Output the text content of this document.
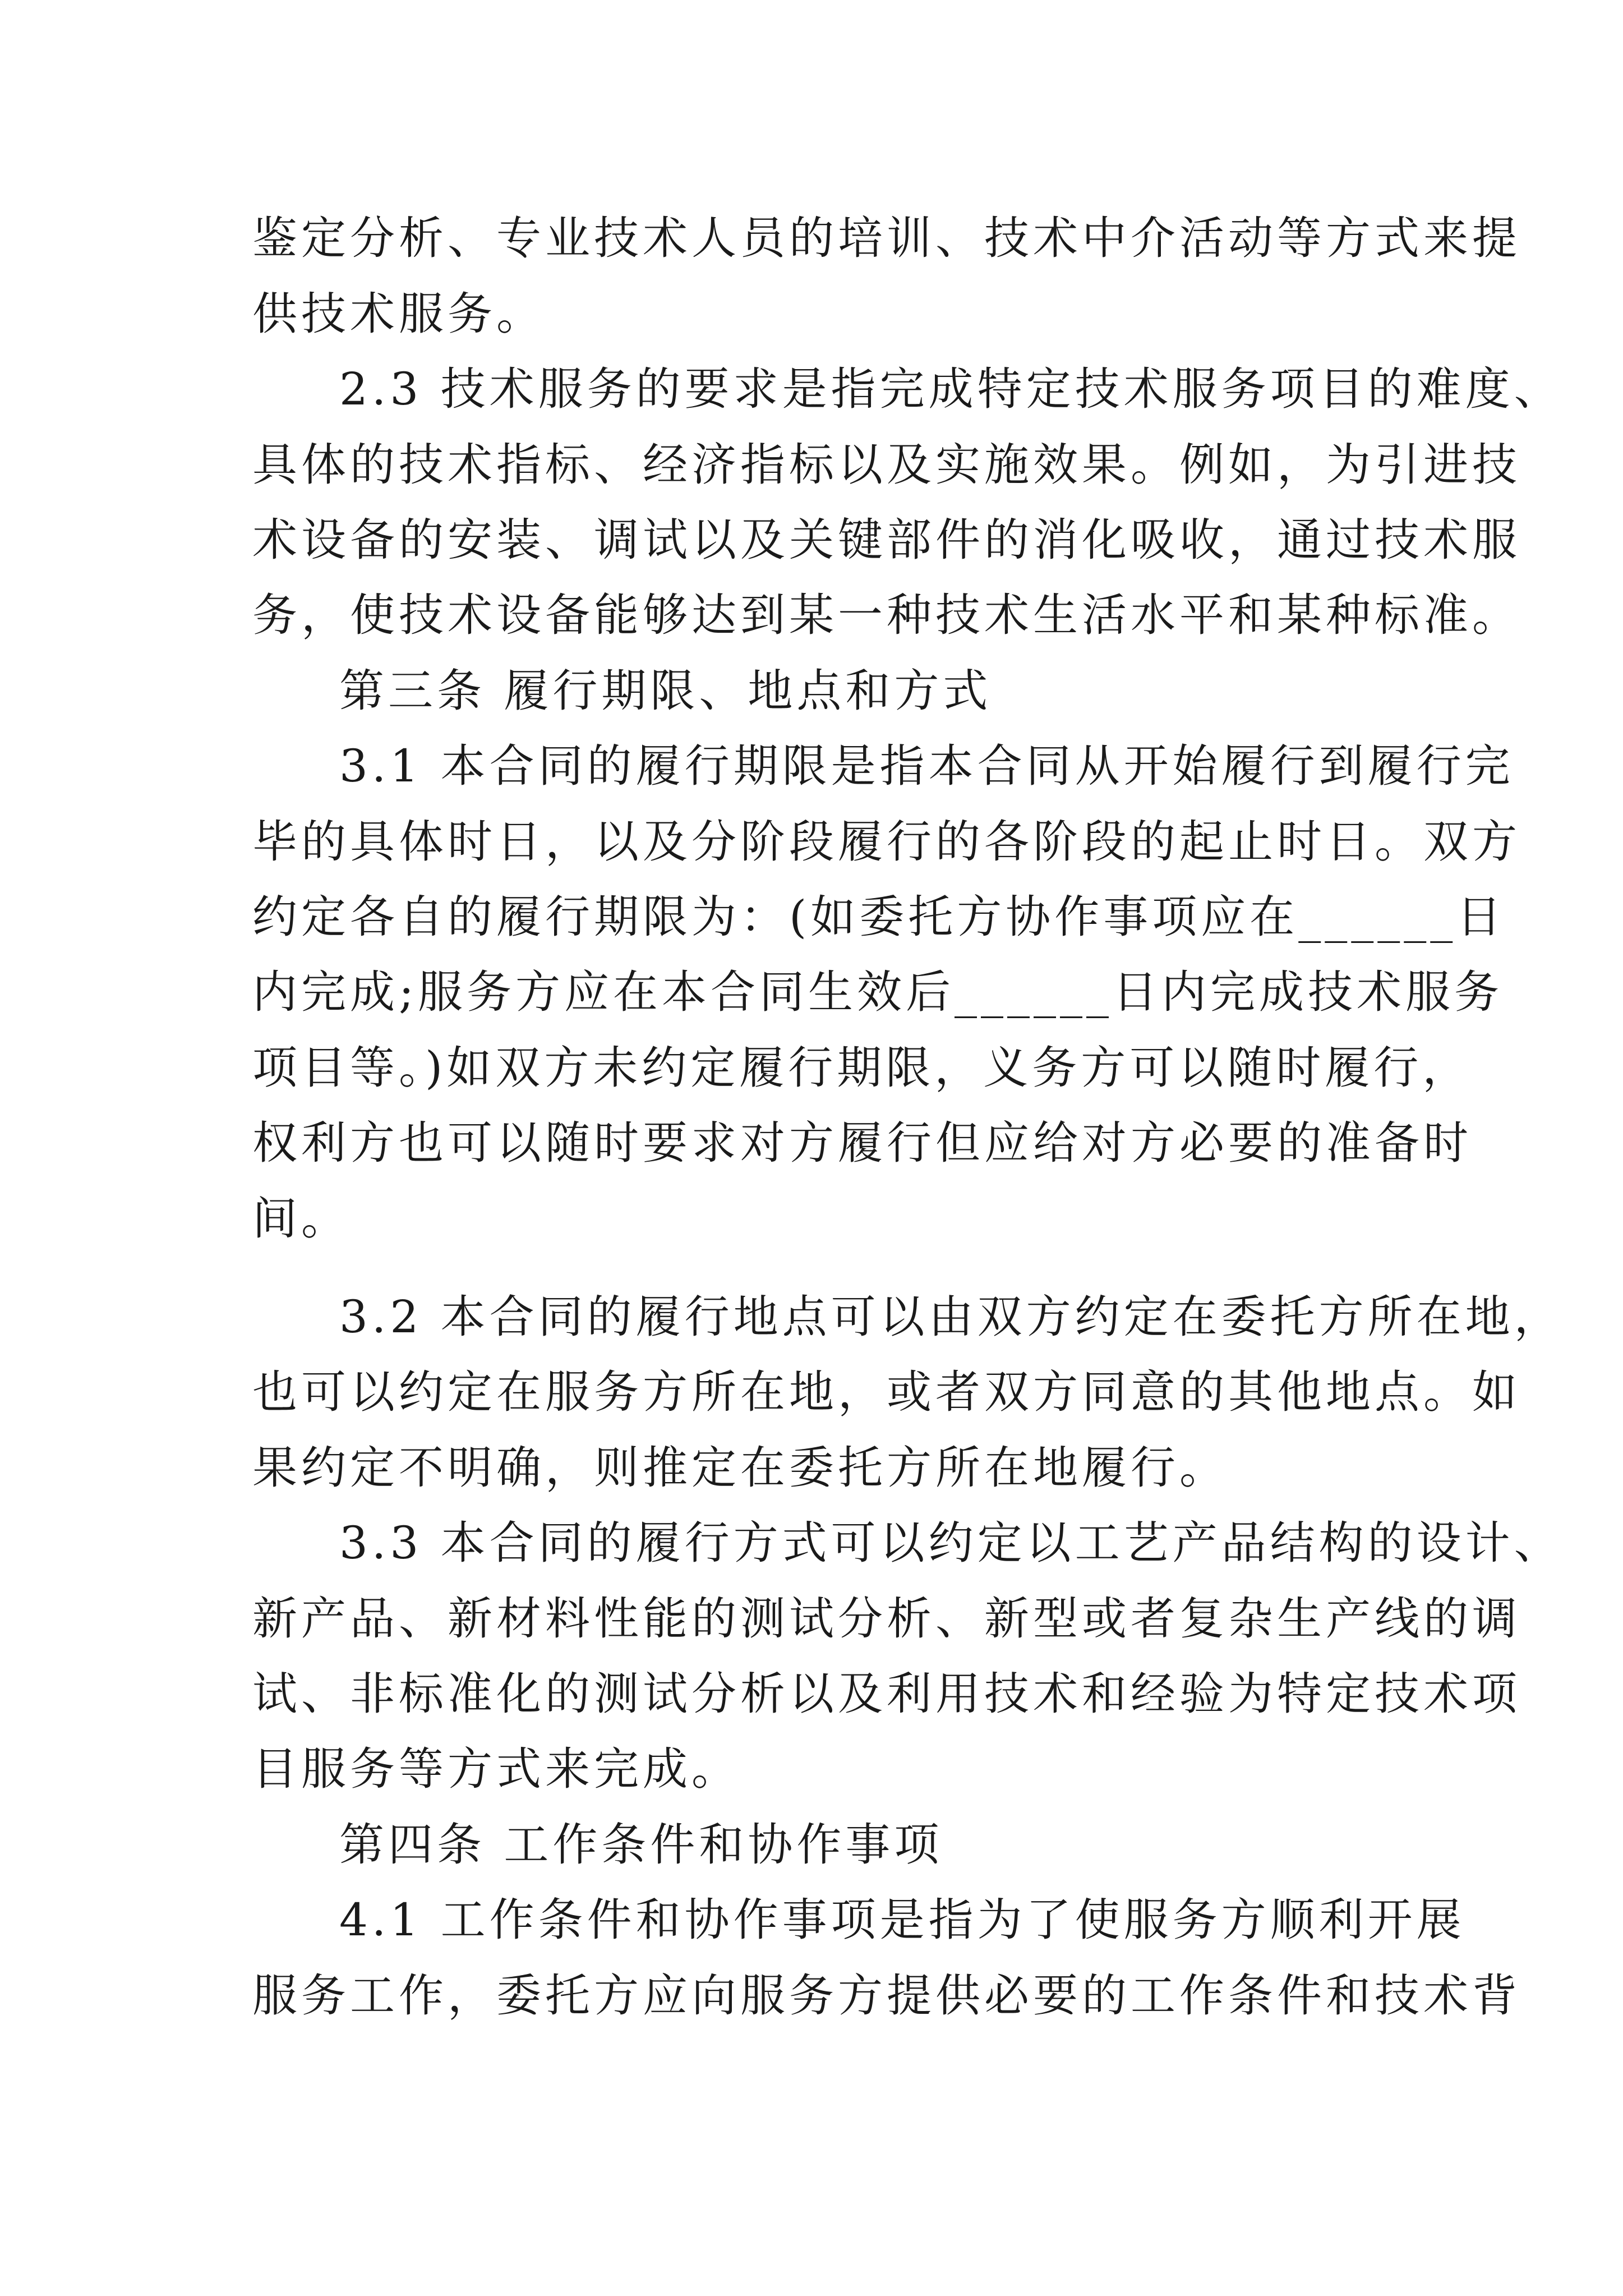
鉴定分析、专业技术人员的培训、技术中介活动等方式来提
供技术服务。
2.3 技术服务的要求是指完成特定技术服务项目的难度、
具体的技术指标、经济指标以及实施效果。例如，为引进技
术设备的安装、调试以及关键部件的消化吸收，通过技术服
务，使技术设备能够达到某一种技术生活水平和某种标准。
第三条 履行期限、地点和方式
3.1 本合同的履行期限是指本合同从开始履行到履行完
毕的具体时日，以及分阶段履行的各阶段的起止时日。双方
约定各自的履行期限为：(如委托方协作事项应在______日
内完成;服务方应在本合同生效后______日内完成技术服务
项目等。)如双方未约定履行期限，义务方可以随时履行，
权利方也可以随时要求对方履行但应给对方必要的准备时
间。
3.2 本合同的履行地点可以由双方约定在委托方所在地，
也可以约定在服务方所在地，或者双方同意的其他地点。如
果约定不明确，则推定在委托方所在地履行。
3.3 本合同的履行方式可以约定以工艺产品结构的设计、
新产品、新材料性能的测试分析、新型或者复杂生产线的调
试、非标准化的测试分析以及利用技术和经验为特定技术项
目服务等方式来完成。
第四条 工作条件和协作事项
4.1 工作条件和协作事项是指为了使服务方顺利开展
服务工作，委托方应向服务方提供必要的工作条件和技术背
